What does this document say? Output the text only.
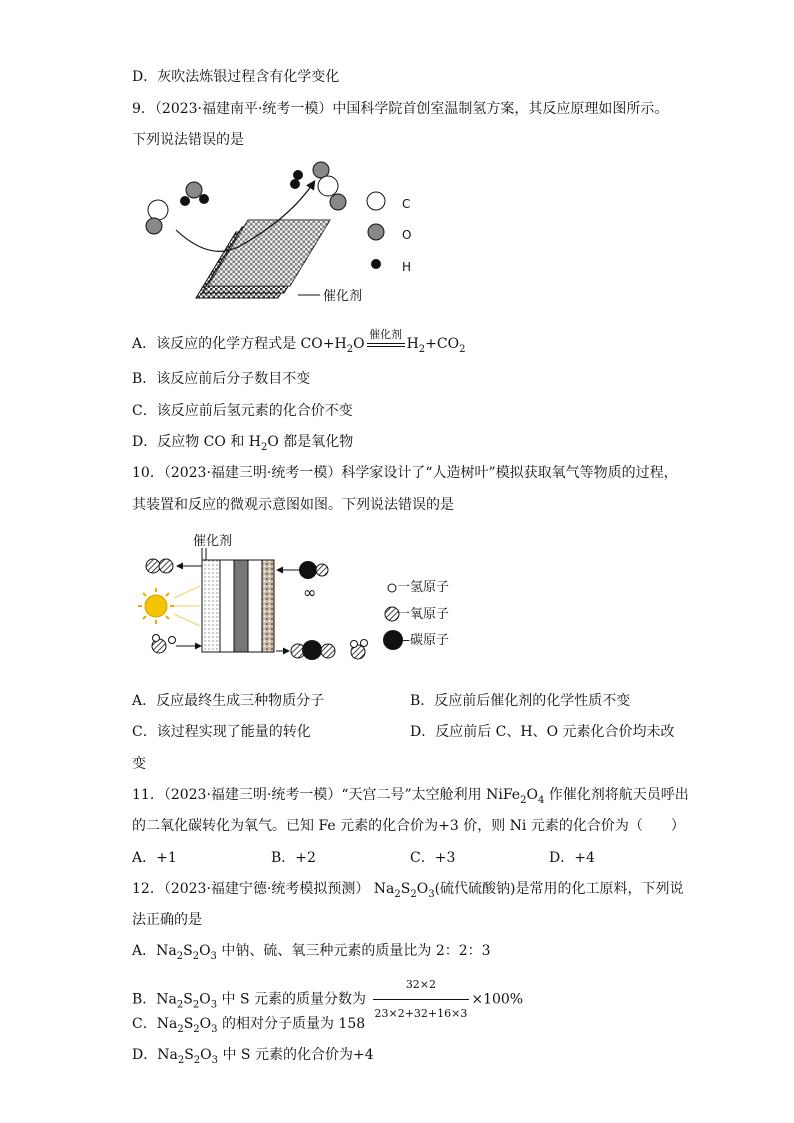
D．灰吹法炼银过程含有化学变化
9．（2023·福建南平·统考一模）中国科学院首创室温制氢方案，其反应原理如图所示。
下列说法错误的是
C
O
H
催化剂
A．该反应的化学方程式是 $CO+H_2O$
催化剂
$H_2+CO_2$
B．该反应前后分子数目不变
C．该反应前后氢元素的化合价不变
D．反应物 CO 和 $H_2O$ 都是氧化物
10．（2023·福建三明·统考一模）科学家设计了“人造树叶”模拟获取氧气等物质的过程，
其装置和反应的微观示意图如图。下列说法错误的是
催化剂
∞	一氢原子
一氧原子
—碳原子
A．反应最终生成三种物质分子	B．反应前后催化剂的化学性质不变
C．该过程实现了能量的转化	D．反应前后 C、H、O 元素化合价均未改
变
11．（2023·福建三明·统考一模）“天宫二号”太空舱利用 $NiFe_2O_4$ 作催化剂将航天员呼出
的二氧化碳转化为氧气。已知 Fe 元素的化合价为+3 价，则 Ni 元素的化合价为（　　）
A．+1	B．+2	C．+3	D．+4
12．（2023·福建宁德·统考模拟预测） $Na_2S_2O_3$(硫代硫酸钠)是常用的化工原料，下列说
法正确的是
A．$Na_2S_2O_3$ 中钠、硫、氧三种元素的质量比为 2：2：3
B．$Na_2S_2O_3$ 中 S 元素的质量分数为 $\frac{32\times 2}{23\times 2+32+16\times 3} \times 100\%$
C．$Na_2S_2O_3$ 的相对分子质量为 158
D．$Na_2S_2O_3$ 中 S 元素的化合价为+4
